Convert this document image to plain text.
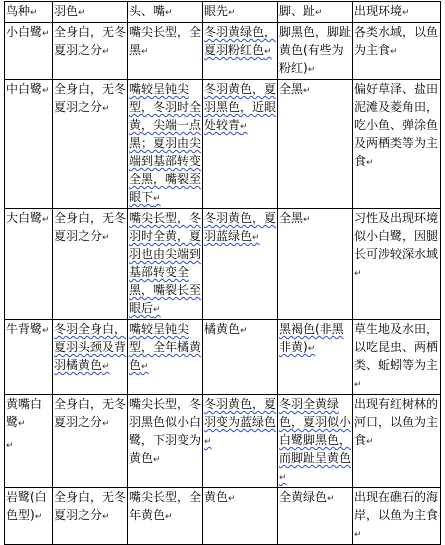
鸟种↵	羽色↵	头、嘴↵	眼先↵	脚、趾↵	出现环境↵
小白鹭↵	全身白，无冬夏羽之分↵	嘴尖长型，全黑↵	冬羽黄绿色，夏羽粉红色↵	脚黑色，脚趾黄色(有些为粉红)↵	各类水域，以鱼为主食↵
中白鹭↵	全身白，无冬夏羽之分↵	嘴较呈钝尖型，冬羽时全黄，尖端一点黑；夏羽由尖端到基部转变全黑，嘴裂至眼下↵	冬羽黄色，夏羽黑色，近眼处较青↵	全黑↵	偏好草泽、盐田泥滩及菱角田，吃小鱼、弹涂鱼及两栖类等为主食↵
大白鹭↵	全身白，无冬夏羽之分↵	嘴尖长型，冬羽时全黄，夏羽也由尖端到基部转变全黑，嘴裂长至眼后↵	冬羽黄色，夏羽蓝绿色↵	全黑↵	习性及出现环境似小白鹭，因腿长可涉较深水域↵
牛背鹭↵	冬羽全身白，夏羽头颈及背羽橘黄色↵	嘴较呈钝尖型，全年橘黄色↵	橘黄色↵	黑褐色(非黑非黄)↵	草生地及水田，以吃昆虫、两栖类、蚯蚓等为主↵
黄嘴白鹭↵	全身白，无冬夏羽之分↵	嘴尖长型，冬羽黑色似小白鹭，下羽变为黄色↵	冬羽黄色，夏羽变为蓝绿色↵	冬羽全黄绿色，夏羽似小白鹭脚黑色，而脚趾呈黄色↵	出现有红树林的河口，以鱼为主食↵
岩鹭(白色型)↵	全身白，无冬夏羽之分↵	嘴尖长型，全年黄色↵	黄色↵	全黄绿色↵	出现在礁石的海岸，以鱼为主食↵
↵
